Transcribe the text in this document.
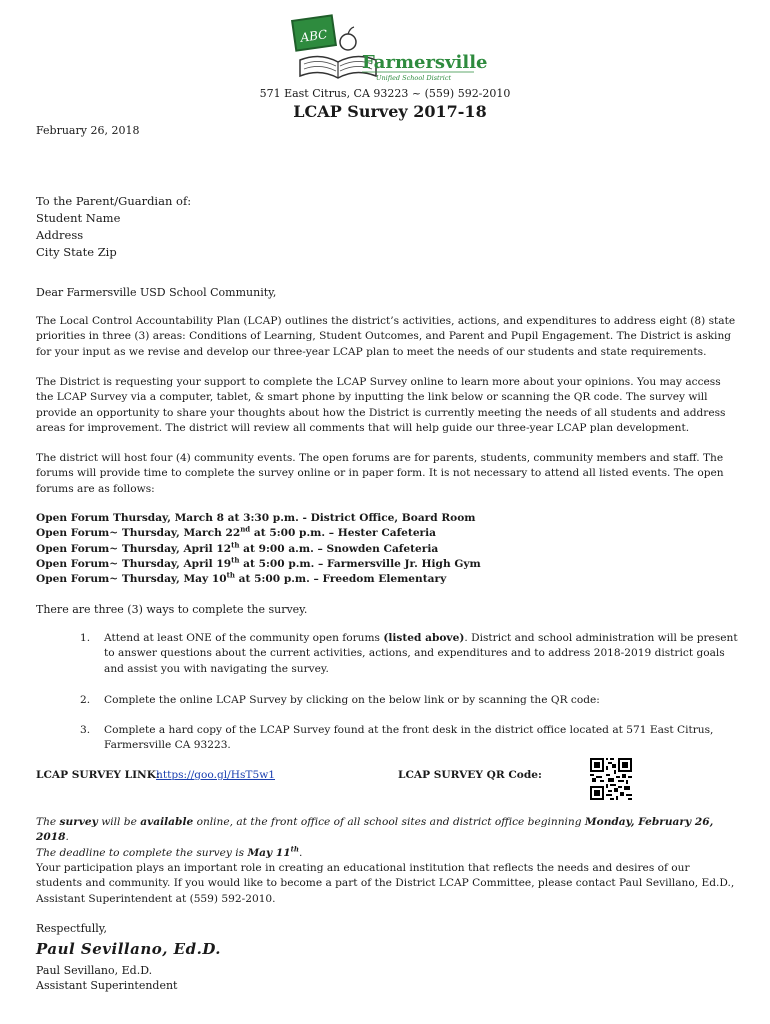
ABC
Farmersville
Unified School District
571 East Citrus, CA 93223 ~ (559) 592-2010
LCAP Survey 2017-18
February 26, 2018
To the Parent/Guardian of:
Student Name
Address
City State Zip
Dear Farmersville USD School Community,
The Local Control Accountability Plan (LCAP) outlines the district’s activities, actions, and expenditures to address eight (8) state priorities in three (3) areas: Conditions of Learning, Student Outcomes, and Parent and Pupil Engagement. The District is asking for your input as we revise and develop our three-year LCAP plan to meet the needs of our students and state requirements.
The District is requesting your support to complete the LCAP Survey online to learn more about your opinions. You may access the LCAP Survey via a computer, tablet, & smart phone by inputting the link below or scanning the QR code. The survey will provide an opportunity to share your thoughts about how the District is currently meeting the needs of all students and address areas for improvement. The district will review all comments that will help guide our three-year LCAP plan development.
The district will host four (4) community events. The open forums are for parents, students, community members and staff. The forums will provide time to complete the survey online or in paper form. It is not necessary to attend all listed events. The open forums are as follows:
Open Forum Thursday, March 8 at 3:30 p.m. - District Office, Board Room
Open Forum~ Thursday, March 22nd at 5:00 p.m. – Hester Cafeteria
Open Forum~ Thursday, April 12th at 9:00 a.m. – Snowden Cafeteria
Open Forum~ Thursday, April 19th at 5:00 p.m. – Farmersville Jr. High Gym
Open Forum~ Thursday, May 10th at 5:00 p.m. – Freedom Elementary
There are three (3) ways to complete the survey.
1. Attend at least ONE of the community open forums (listed above). District and school administration will be present to answer questions about the current activities, actions, and expenditures and to address 2018-2019 district goals and assist you with navigating the survey.
2. Complete the online LCAP Survey by clicking on the below link or by scanning the QR code:
3. Complete a hard copy of the LCAP Survey found at the front desk in the district office located at 571 East Citrus, Farmersville CA 93223.
LCAP SURVEY LINK:
https://goo.gl/HsT5w1	LCAP SURVEY QR Code:
The survey will be available online, at the front office of all school sites and district office beginning Monday, February 26, 2018.
The deadline to complete the survey is May 11th.
Your participation plays an important role in creating an educational institution that reflects the needs and desires of our students and community. If you would like to become a part of the District LCAP Committee, please contact Paul Sevillano, Ed.D., Assistant Superintendent at (559) 592-2010.
Respectfully,
Paul Sevillano, Ed.D.
Paul Sevillano, Ed.D.
Assistant Superintendent
